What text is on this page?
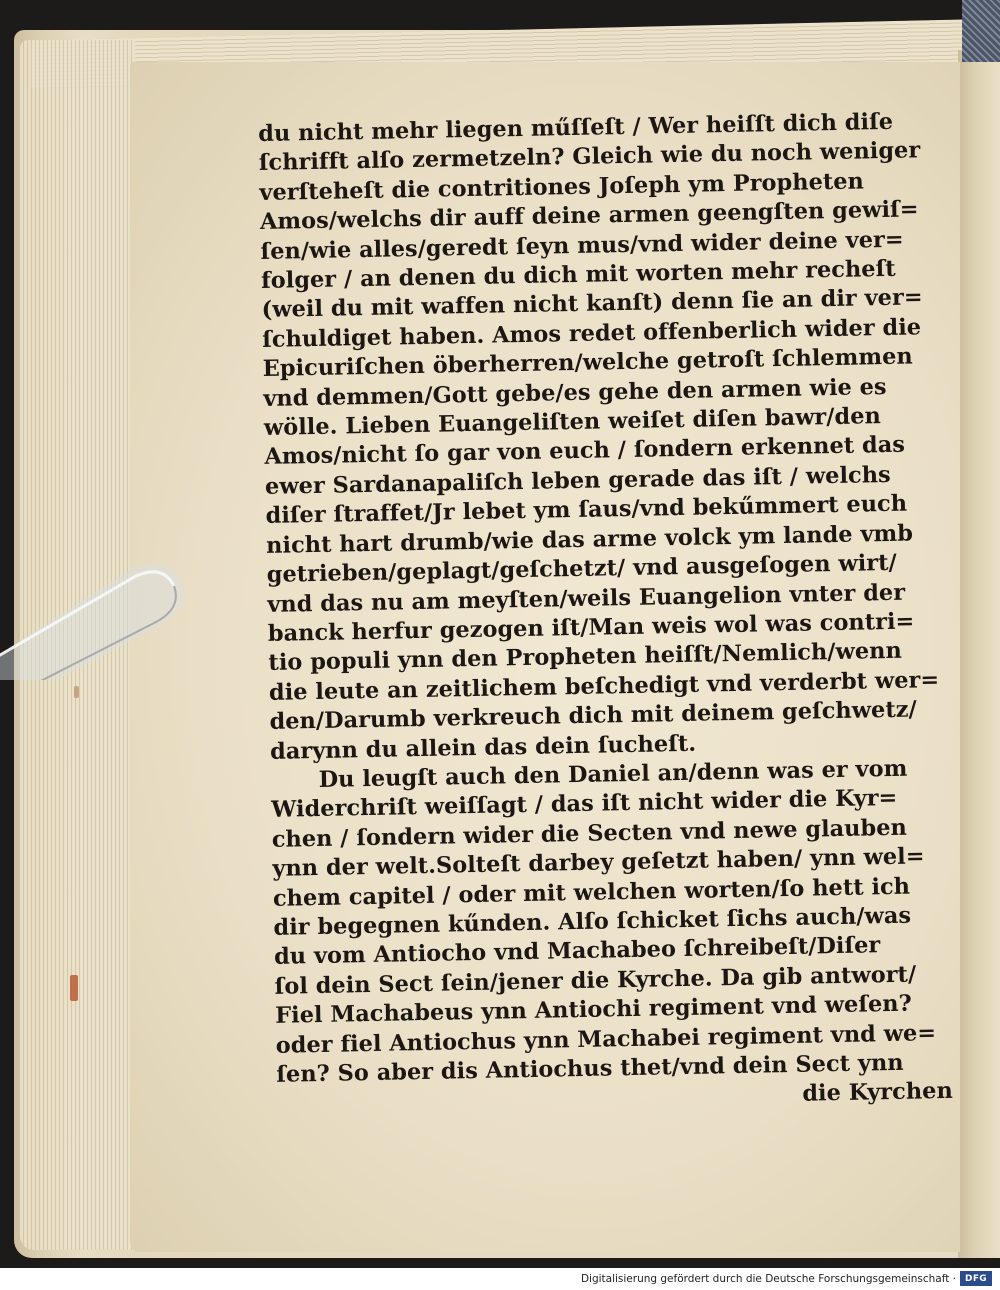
du nicht mehr liegen műſſeſt / Wer heiſſt dich diſe
ſchrifft alſo zermetzeln? Gleich wie du noch weniger
verſteheſt die contritiones Joſeph ym Propheten
Amos/welchs dir auff deine armen geengſten gewiſ=
ſen/wie alles/geredt ſeyn mus/vnd wider deine ver=
folger / an denen du dich mit worten mehr recheſt
(weil du mit waffen nicht kanſt) denn ſie an dir ver=
ſchuldiget haben. Amos redet offenberlich wider die
Epicuriſchen öberherren/welche getroſt ſchlemmen
vnd demmen/Gott gebe/es gehe den armen wie es
wölle. Lieben Euangeliſten weiſet diſen bawr/den
Amos/nicht ſo gar von euch / ſondern erkennet das
ewer Sardanapaliſch leben gerade das iſt / welchs
diſer ſtraffet/Jr lebet ym ſaus/vnd bekűmmert euch
nicht hart drumb/wie das arme volck ym lande vmb
getrieben/geplagt/geſchetzt/ vnd ausgeſogen wirt/
vnd das nu am meyſten/weils Euangelion vnter der
banck herfur gezogen iſt/Man weis wol was contri=
tio populi ynn den Propheten heiſſt/Nemlich/wenn
die leute an zeitlichem beſchedigt vnd verderbt wer=
den/Darumb verkreuch dich mit deinem geſchwetz/
darynn du allein das dein ſucheſt.
Du leugſt auch den Daniel an/denn was er vom
Widerchriſt weiſſagt / das iſt nicht wider die Kyr=
chen / ſondern wider die Secten vnd newe glauben
ynn der welt.Solteſt darbey geſetzt haben/ ynn wel=
chem capitel / oder mit welchen worten/ſo hett ich
dir begegnen kűnden. Alſo ſchicket ſichs auch/was
du vom Antiocho vnd Machabeo ſchreibeſt/Diſer
ſol dein Sect ſein/jener die Kyrche. Da gib antwort/
Fiel Machabeus ynn Antiochi regiment vnd weſen?
oder fiel Antiochus ynn Machabei regiment vnd we=
ſen? So aber dis Antiochus thet/vnd dein Sect ynn
die Kyrchen
Digitalisierung gefördert durch die Deutsche Forschungsgemeinschaft ·	DFG
